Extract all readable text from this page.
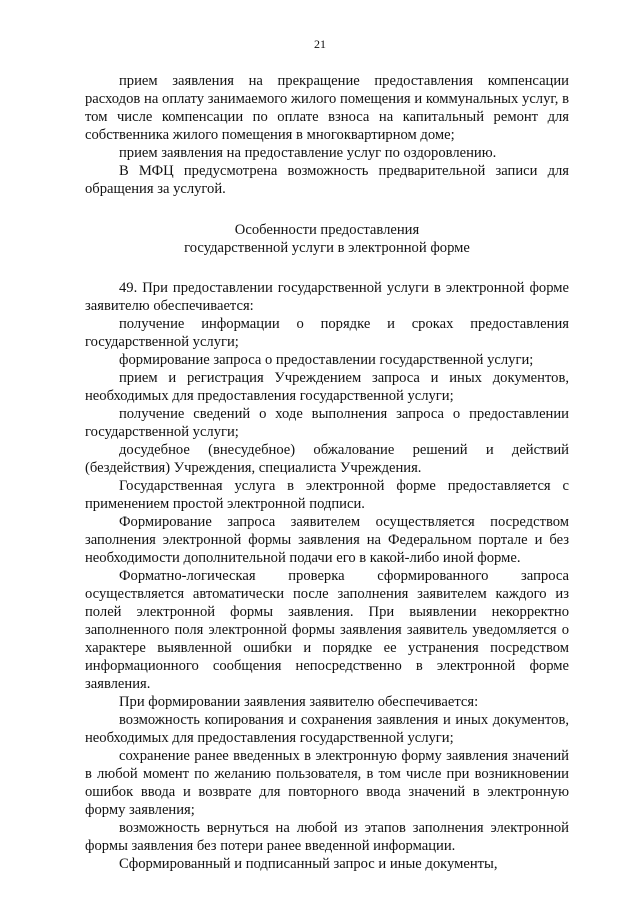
21

прием заявления на прекращение предоставления компенсации расходов на оплату занимаемого жилого помещения и коммунальных услуг, в том числе компенсации по оплате взноса на капитальный ремонт для собственника жилого помещения в многоквартирном доме;

прием заявления на предоставление услуг по оздоровлению.

В МФЦ предусмотрена возможность предварительной записи для обращения за услугой.

Особенности предоставления
государственной услуги в электронной форме

49. При предоставлении государственной услуги в электронной форме заявителю обеспечивается:

получение информации о порядке и сроках предоставления государственной услуги;

формирование запроса о предоставлении государственной услуги;

прием и регистрация Учреждением запроса и иных документов, необходимых для предоставления государственной услуги;

получение сведений о ходе выполнения запроса о предоставлении государственной услуги;

досудебное (внесудебное) обжалование решений и действий (бездействия) Учреждения, специалиста Учреждения.

Государственная услуга в электронной форме предоставляется с применением простой электронной подписи.

Формирование запроса заявителем осуществляется посредством заполнения электронной формы заявления на Федеральном портале и без необходимости дополнительной подачи его в какой-либо иной форме.

Форматно-логическая проверка сформированного запроса осуществляется автоматически после заполнения заявителем каждого из полей электронной формы заявления. При выявлении некорректно заполненного поля электронной формы заявления заявитель уведомляется о характере выявленной ошибки и порядке ее устранения посредством информационного сообщения непосредственно в электронной форме заявления.

При формировании заявления заявителю обеспечивается:

возможность копирования и сохранения заявления и иных документов, необходимых для предоставления государственной услуги;

сохранение ранее введенных в электронную форму заявления значений в любой момент по желанию пользователя, в том числе при возникновении ошибок ввода и возврате для повторного ввода значений в электронную форму заявления;

возможность вернуться на любой из этапов заполнения электронной формы заявления без потери ранее введенной информации.

Сформированный и подписанный запрос и иные документы,
